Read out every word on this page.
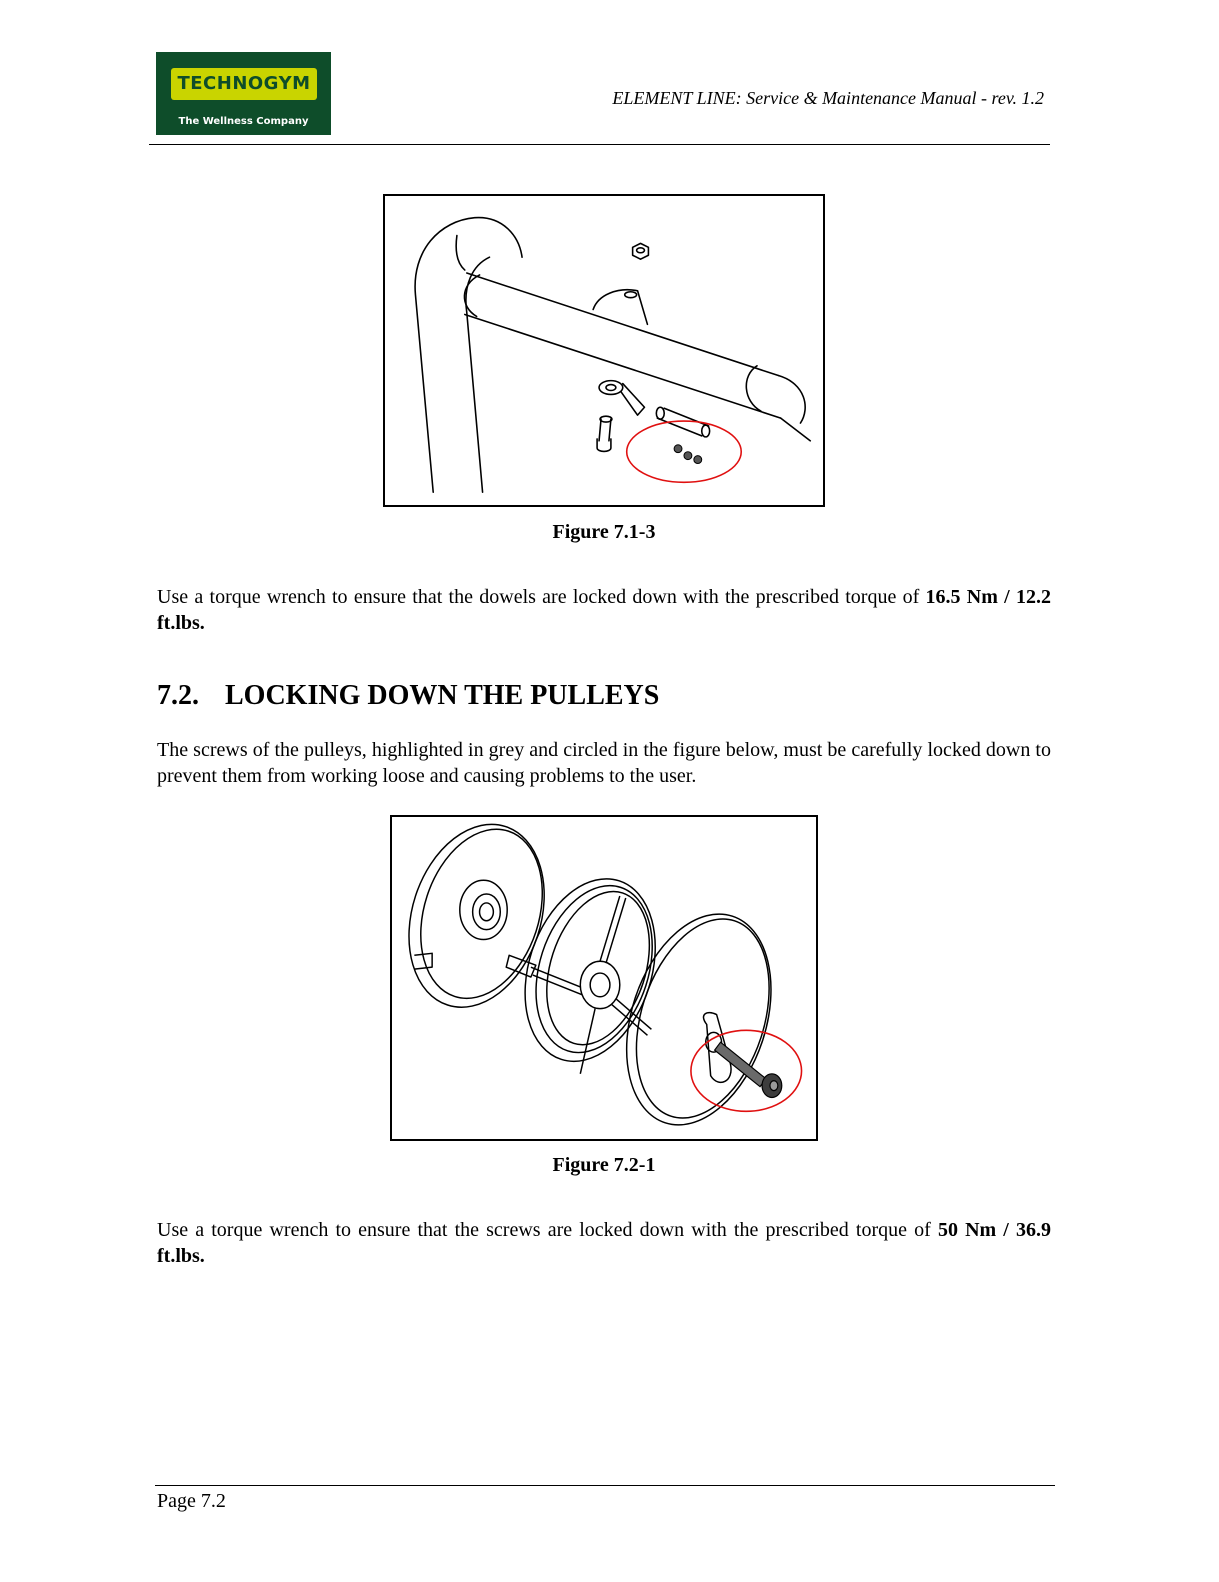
TECHNOGYM
The Wellness Company
ELEMENT LINE: Service & Maintenance Manual - rev. 1.2
Figure 7.1-3

Use a torque wrench to ensure that the dowels are locked down with the prescribed torque of 16.5 Nm / 12.2 ft.lbs.

7.2. LOCKING DOWN THE PULLEYS

The screws of the pulleys, highlighted in grey and circled in the figure below, must be carefully locked down to prevent them from working loose and causing problems to the user.

Figure 7.2-1

Use a torque wrench to ensure that the screws are locked down with the prescribed torque of 50 Nm / 36.9 ft.lbs.

Page 7.2
